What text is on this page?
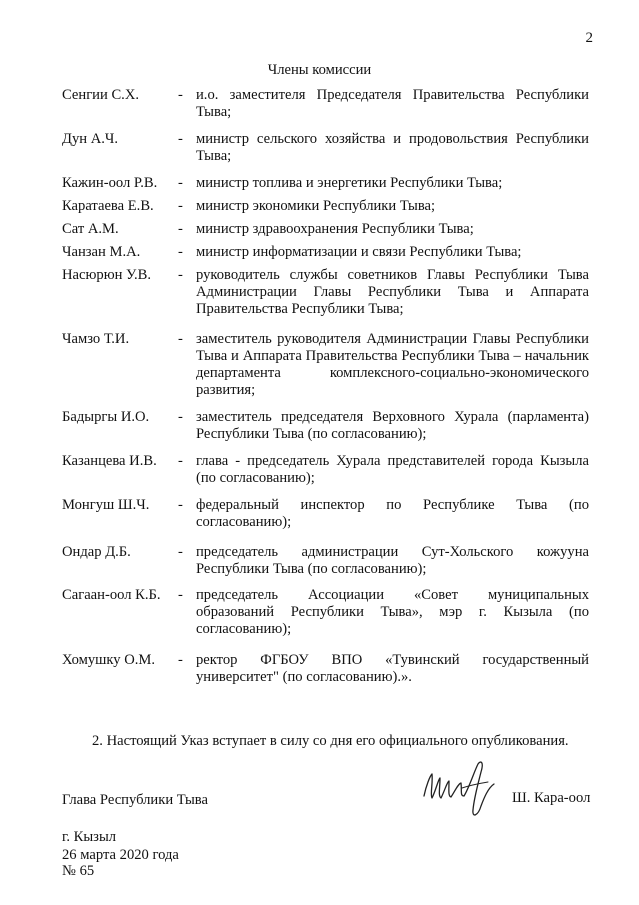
2
Члены комиссии
Сенгии С.Х.	- и.о. заместителя Председателя Правительства Республики Тыва;
Дун А.Ч.	- министр сельского хозяйства и продовольствия Республики Тыва;
Кажин-оол Р.В.	- министр топлива и энергетики Республики Тыва;
Каратаева Е.В.	- министр экономики Республики Тыва;
Сат А.М.	- министр здравоохранения Республики Тыва;
Чанзан М.А.	- министр информатизации и связи Республики Тыва;
Насюрюн У.В.	- руководитель службы советников Главы Республики Тыва Администрации Главы Республики Тыва и Аппарата Правительства Республики Тыва;
Чамзо Т.И.	- заместитель руководителя Администрации Главы Республики Тыва и Аппарата Правительства Республики Тыва – начальник департамента комплексного-социально-экономического развития;
Бадыргы И.О.	- заместитель председателя Верховного Хурала (парламента) Республики Тыва (по согласованию);
Казанцева И.В.	- глава - председатель Хурала представителей города Кызыла (по согласованию);
Монгуш Ш.Ч.	- федеральный инспектор по Республике Тыва (по согласованию);
Ондар Д.Б.	- председатель администрации Сут-Хольского кожууна Республики Тыва (по согласованию);
Сагаан-оол К.Б.	- председатель Ассоциации «Совет муниципальных образований Республики Тыва», мэр г. Кызыла (по согласованию);
Хомушку О.М.	- ректор ФГБОУ ВПО «Тувинский государственный университет" (по согласованию).».
2. Настоящий Указ вступает в силу со дня его официального опубликования.
Глава Республики Тыва	Ш. Кара-оол
г. Кызыл
26 марта 2020 года
№ 65
